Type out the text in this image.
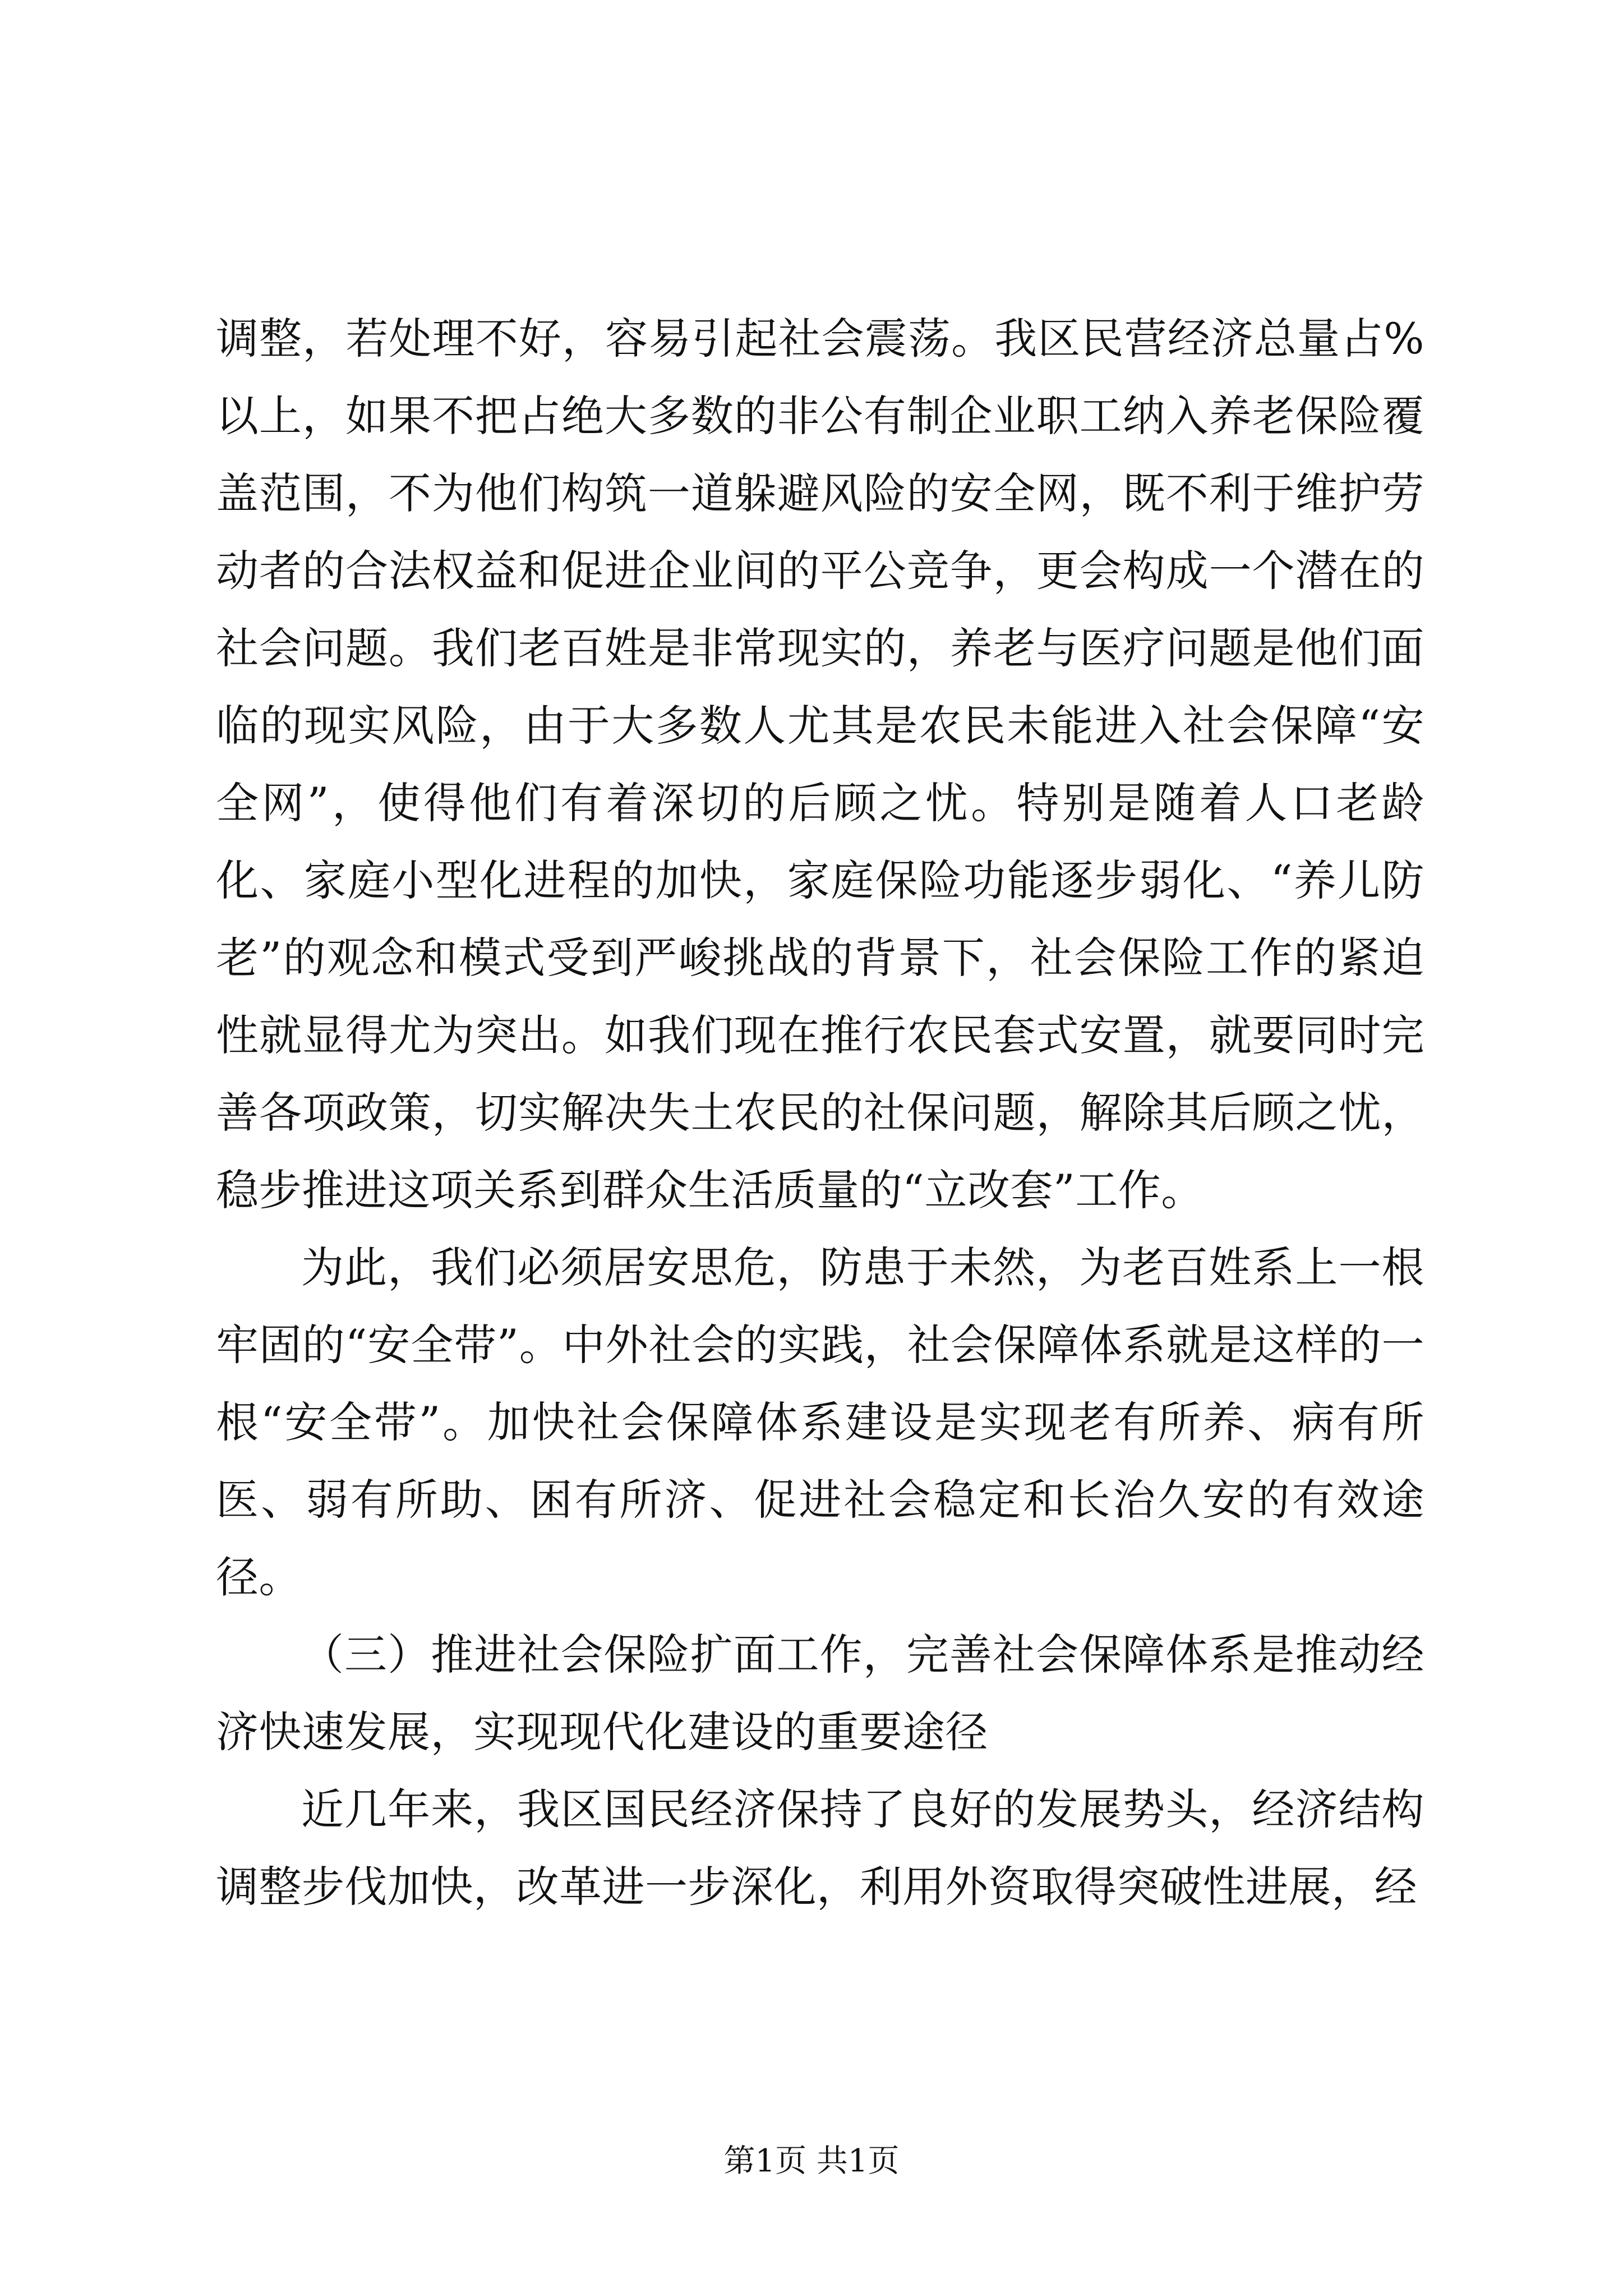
调整，若处理不好，容易引起社会震荡。我区民营经济总量占%以上，如果不把占绝大多数的非公有制企业职工纳入养老保险覆盖范围，不为他们构筑一道躲避风险的安全网，既不利于维护劳动者的合法权益和促进企业间的平公竞争，更会构成一个潜在的社会问题。我们老百姓是非常现实的，养老与医疗问题是他们面临的现实风险，由于大多数人尤其是农民未能进入社会保障“安全网”，使得他们有着深切的后顾之忧。特别是随着人口老龄化、家庭小型化进程的加快，家庭保险功能逐步弱化、“养儿防老”的观念和模式受到严峻挑战的背景下，社会保险工作的紧迫性就显得尤为突出。如我们现在推行农民套式安置，就要同时完善各项政策，切实解决失土农民的社保问题，解除其后顾之忧，稳步推进这项关系到群众生活质量的“立改套”工作。

为此，我们必须居安思危，防患于未然，为老百姓系上一根牢固的“安全带”。中外社会的实践，社会保障体系就是这样的一根“安全带”。加快社会保障体系建设是实现老有所养、病有所医、弱有所助、困有所济、促进社会稳定和长治久安的有效途径。

（三）推进社会保险扩面工作，完善社会保障体系是推动经济快速发展，实现现代化建设的重要途径

近几年来，我区国民经济保持了良好的发展势头，经济结构调整步伐加快，改革进一步深化，利用外资取得突破性进展，经

第1页 共1页
